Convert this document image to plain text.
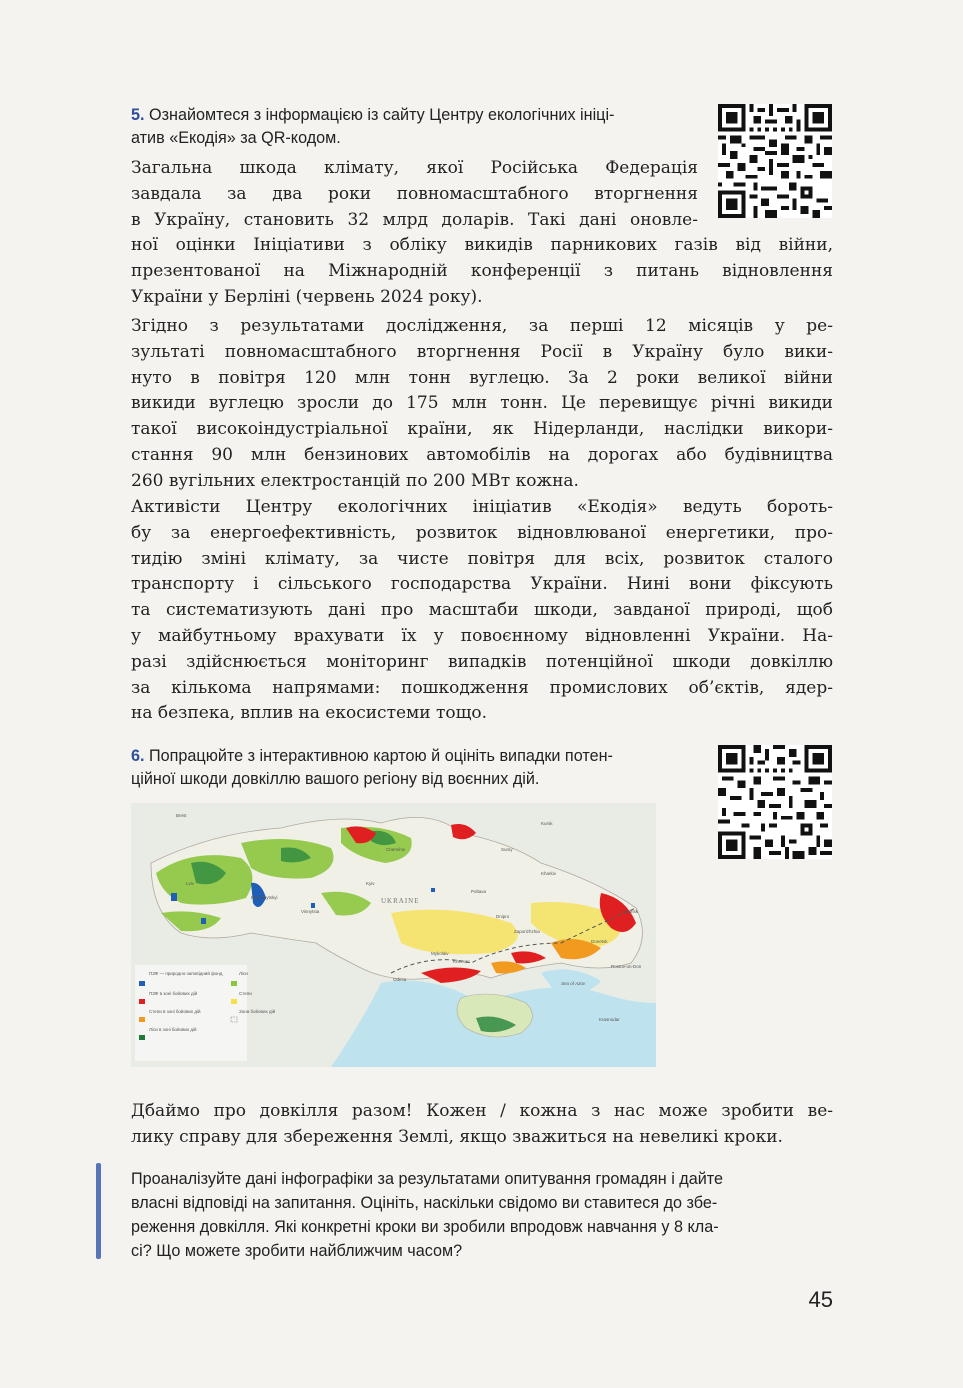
5. Ознайомтеся з інформацією із сайту Центру екологічних ініці-
атив «Екодія» за QR-кодом.
Загальна шкода клімату, якої Російська Федерація
завдала за два роки повномасштабного вторгнення
в Україну, становить 32 млрд доларів. Такі дані оновле-
ної оцінки Ініціативи з обліку викидів парникових газів від війни,
презентованої на Міжнародній конференції з питань відновлення
України у Берліні (червень 2024 року).
Згідно з результатами дослідження, за перші 12 місяців у ре-
зультаті повномасштабного вторгнення Росії в Україну було вики-
нуто в повітря 120 млн тонн вуглецю. За 2 роки великої війни
викиди вуглецю зросли до 175 млн тонн. Це перевищує річні викиди
такої високоіндустріальної країни, як Нідерланди, наслідки викори-
стання 90 млн бензинових автомобілів на дорогах або будівництва
260 вугільних електростанцій по 200 МВт кожна.
Активісти Центру екологічних ініціатив «Екодія» ведуть бороть-
бу за енергоефективність, розвиток відновлюваної енергетики, про-
тидію зміні клімату, за чисте повітря для всіх, розвиток сталого
транспорту і сільського господарства України. Нині вони фіксують
та систематизують дані про масштаби шкоди, завданої природі, щоб
у майбутньому врахувати їх у повоєнному відновленні України. На-
разі здійснюється моніторинг випадків потенційної шкоди довкіллю
за кількома напрямами: пошкодження промислових об’єктів, ядер-
на безпека, вплив на екосистеми тощо.
6. Попрацюйте з інтерактивною картою й оцініть випадки потен-
ційної шкоди довкіллю вашого регіону від воєнних дій.
UKRAINE
Kyiv
Kharkiv
Dnipro
Odesa
Zaporizhzhia
Kherson
Lviv
Vinnytsia
Sumy
Krasnodar
Rostov-on-Don
Kursk
Brest
Chernihiv
Poltava
Khmelnytskyi
Mykolaiv
Luhansk
Donetsk
Sea of Azov
ПЗФ — природно-заповідний фонд
ПЗФ в зоні бойових дій
Степи в зоні бойових дій
Ліси в зоні бойових дій
Ліси
Степи
Зона бойових дій
Дбаймо про довкілля разом! Кожен / кожна з нас може зробити ве-
лику справу для збереження Землі, якщо зважиться на невеликі кроки.
Проаналізуйте дані інфографіки за результатами опитування громадян і дайте
власні відповіді на запитання. Оцініть, наскільки свідомо ви ставитеся до збе-
реження довкілля. Які конкретні кроки ви зробили впродовж навчання у 8 кла-
сі? Що можете зробити найближчим часом?
45
